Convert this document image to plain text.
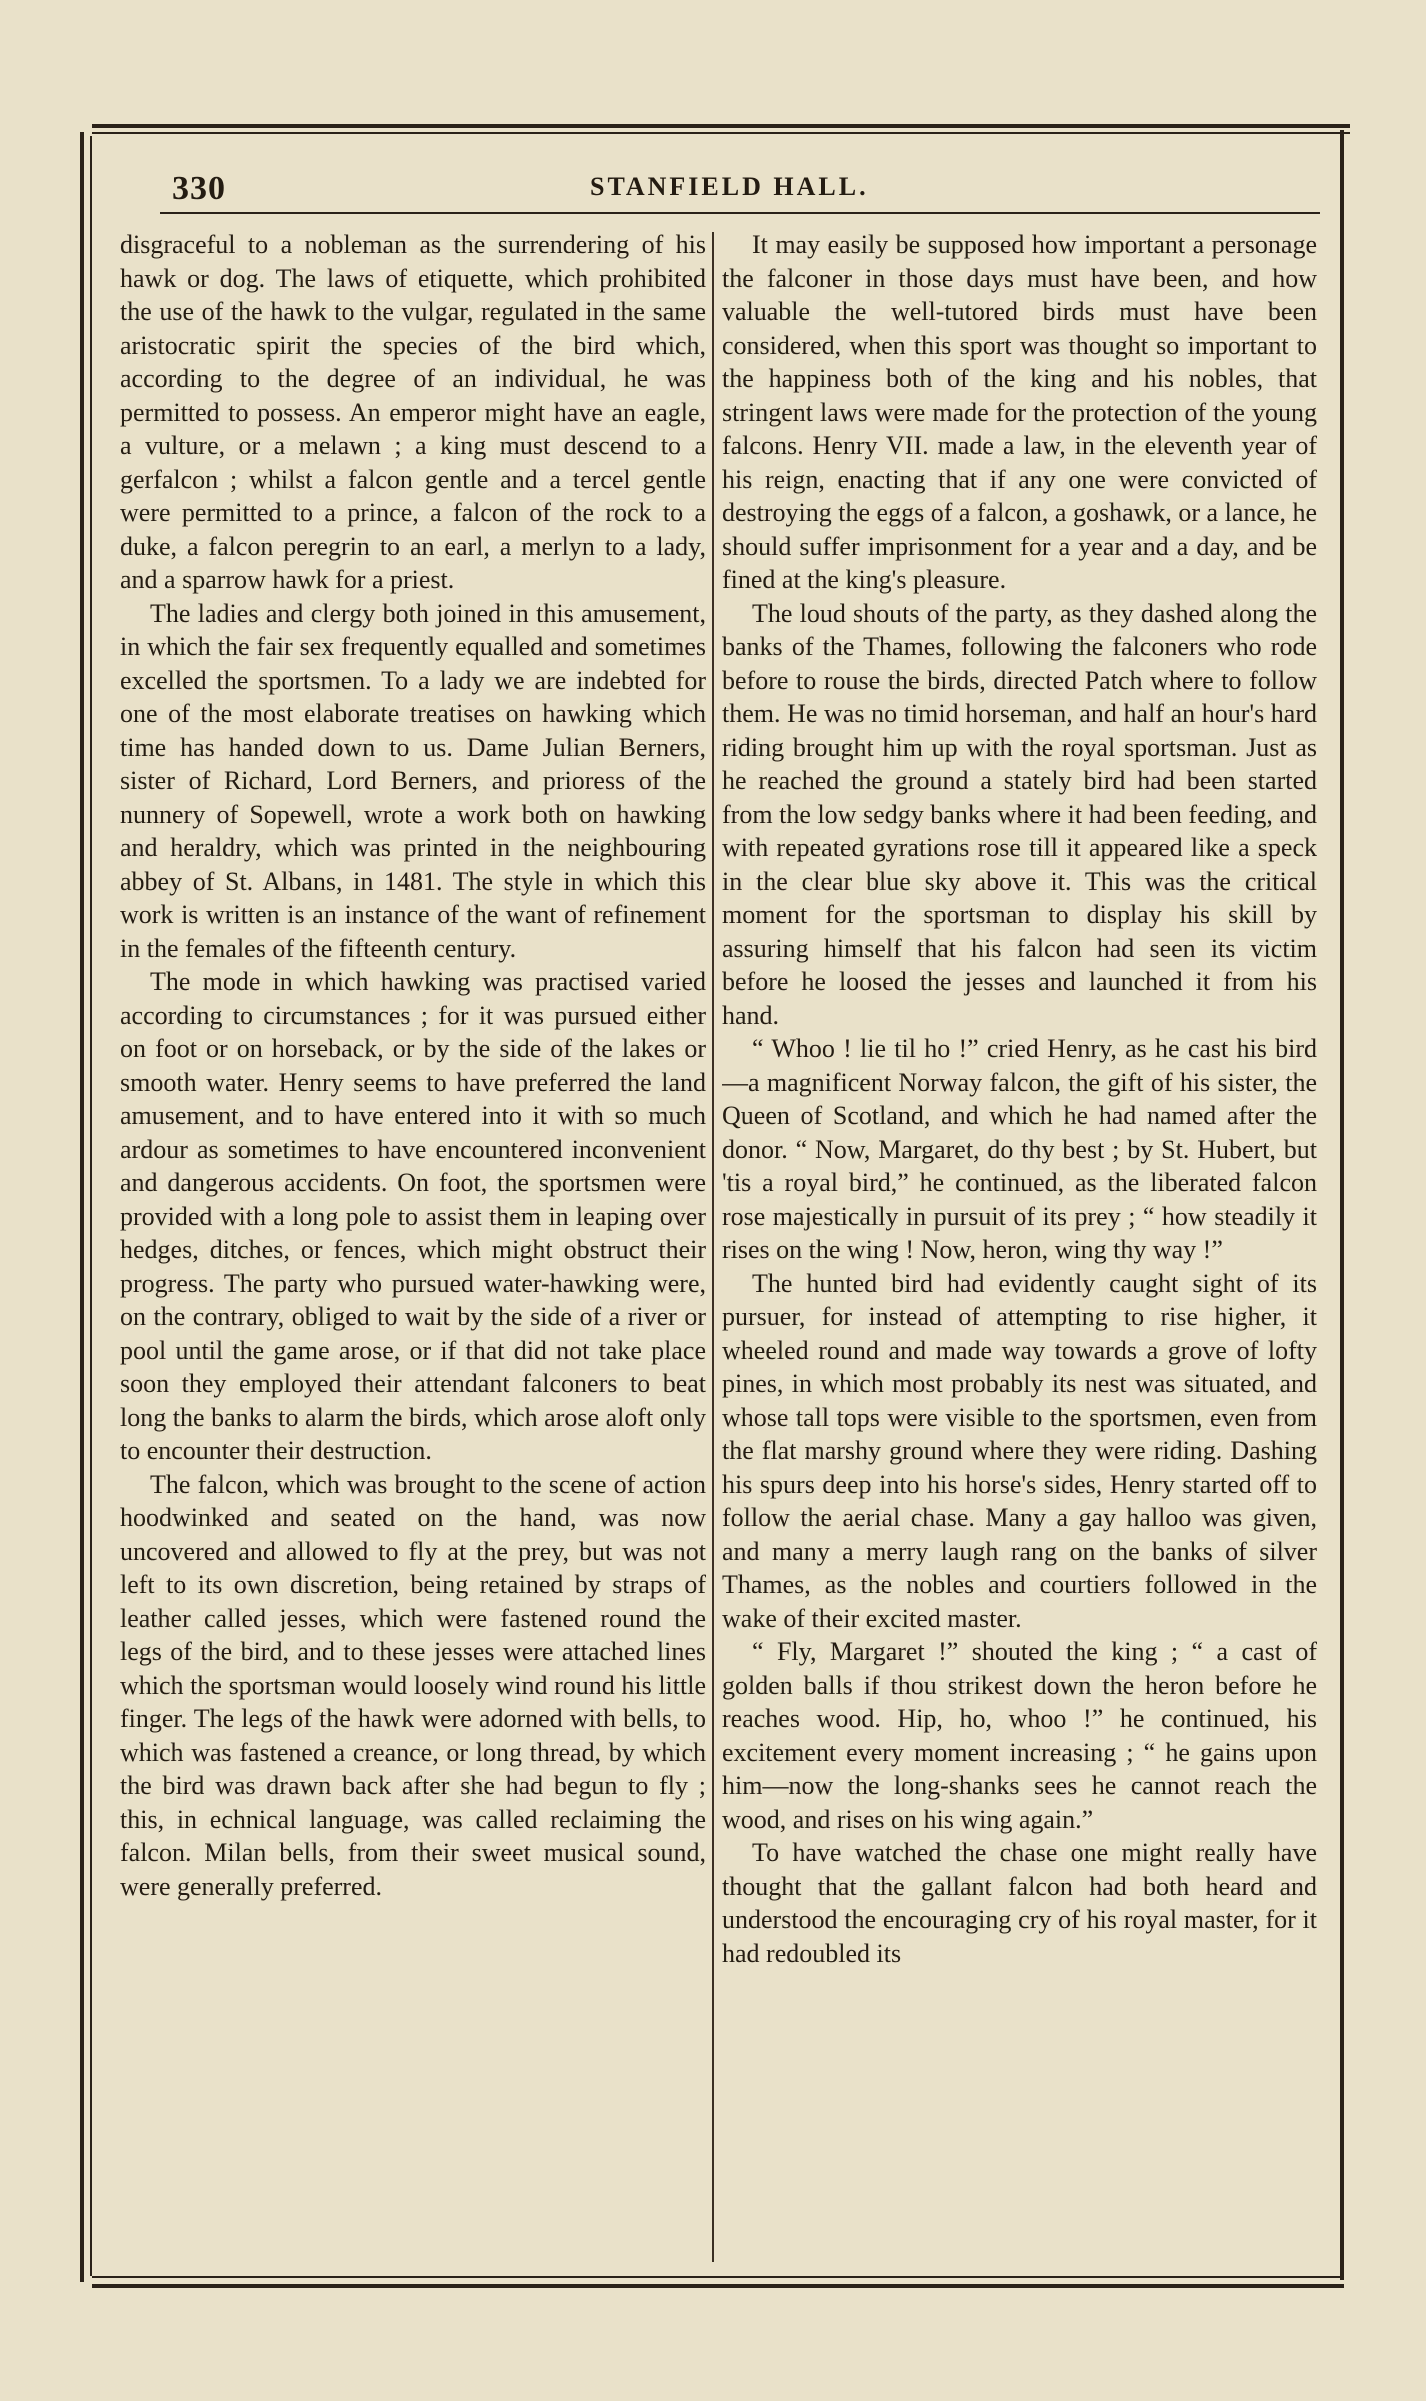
330	STANFIELD HALL.

disgraceful to a nobleman as the surrendering of his hawk or dog. The laws of etiquette, which prohibited the use of the hawk to the vulgar, regulated in the same aristocratic spirit the species of the bird which, according to the degree of an individual, he was permitted to possess. An emperor might have an eagle, a vulture, or a melawn ; a king must descend to a gerfalcon ; whilst a falcon gentle and a tercel gentle were permitted to a prince, a falcon of the rock to a duke, a falcon peregrin to an earl, a merlyn to a lady, and a sparrow hawk for a priest.

The ladies and clergy both joined in this amusement, in which the fair sex frequently equalled and sometimes excelled the sportsmen. To a lady we are indebted for one of the most elaborate treatises on hawking which time has handed down to us. Dame Julian Berners, sister of Richard, Lord Berners, and prioress of the nunnery of Sopewell, wrote a work both on hawking and heraldry, which was printed in the neighbouring abbey of St. Albans, in 1481. The style in which this work is written is an instance of the want of refinement in the females of the fifteenth century.

The mode in which hawking was practised varied according to circumstances ; for it was pursued either on foot or on horseback, or by the side of the lakes or smooth water. Henry seems to have preferred the land amusement, and to have entered into it with so much ardour as sometimes to have encountered inconvenient and dangerous accidents. On foot, the sportsmen were provided with a long pole to assist them in leaping over hedges, ditches, or fences, which might obstruct their progress. The party who pursued water-hawking were, on the contrary, obliged to wait by the side of a river or pool until the game arose, or if that did not take place soon they employed their attendant falconers to beat long the banks to alarm the birds, which arose aloft only to encounter their destruction.

The falcon, which was brought to the scene of action hoodwinked and seated on the hand, was now uncovered and allowed to fly at the prey, but was not left to its own discretion, being retained by straps of leather called jesses, which were fastened round the legs of the bird, and to these jesses were attached lines which the sportsman would loosely wind round his little finger. The legs of the hawk were adorned with bells, to which was fastened a creance, or long thread, by which the bird was drawn back after she had begun to fly ; this, in echnical language, was called reclaiming the falcon. Milan bells, from their sweet musical sound, were generally preferred.

It may easily be supposed how important a personage the falconer in those days must have been, and how valuable the well-tutored birds must have been considered, when this sport was thought so important to the happiness both of the king and his nobles, that stringent laws were made for the protection of the young falcons. Henry VII. made a law, in the eleventh year of his reign, enacting that if any one were convicted of destroying the eggs of a falcon, a goshawk, or a lance, he should suffer imprisonment for a year and a day, and be fined at the king's pleasure.

The loud shouts of the party, as they dashed along the banks of the Thames, following the falconers who rode before to rouse the birds, directed Patch where to follow them. He was no timid horseman, and half an hour's hard riding brought him up with the royal sportsman. Just as he reached the ground a stately bird had been started from the low sedgy banks where it had been feeding, and with repeated gyrations rose till it appeared like a speck in the clear blue sky above it. This was the critical moment for the sportsman to display his skill by assuring himself that his falcon had seen its victim before he loosed the jesses and launched it from his hand.

“ Whoo ! lie til ho !” cried Henry, as he cast his bird—a magnificent Norway falcon, the gift of his sister, the Queen of Scotland, and which he had named after the donor. “ Now, Margaret, do thy best ; by St. Hubert, but 'tis a royal bird,” he continued, as the liberated falcon rose majestically in pursuit of its prey ; “ how steadily it rises on the wing ! Now, heron, wing thy way !”

The hunted bird had evidently caught sight of its pursuer, for instead of attempting to rise higher, it wheeled round and made way towards a grove of lofty pines, in which most probably its nest was situated, and whose tall tops were visible to the sportsmen, even from the flat marshy ground where they were riding. Dashing his spurs deep into his horse's sides, Henry started off to follow the aerial chase. Many a gay halloo was given, and many a merry laugh rang on the banks of silver Thames, as the nobles and courtiers followed in the wake of their excited master.

“ Fly, Margaret !” shouted the king ; “ a cast of golden balls if thou strikest down the heron before he reaches wood. Hip, ho, whoo !” he continued, his excitement every moment increasing ; “ he gains upon him—now the long-shanks sees he cannot reach the wood, and rises on his wing again.”

To have watched the chase one might really have thought that the gallant falcon had both heard and understood the encouraging cry of his royal master, for it had redoubled its
